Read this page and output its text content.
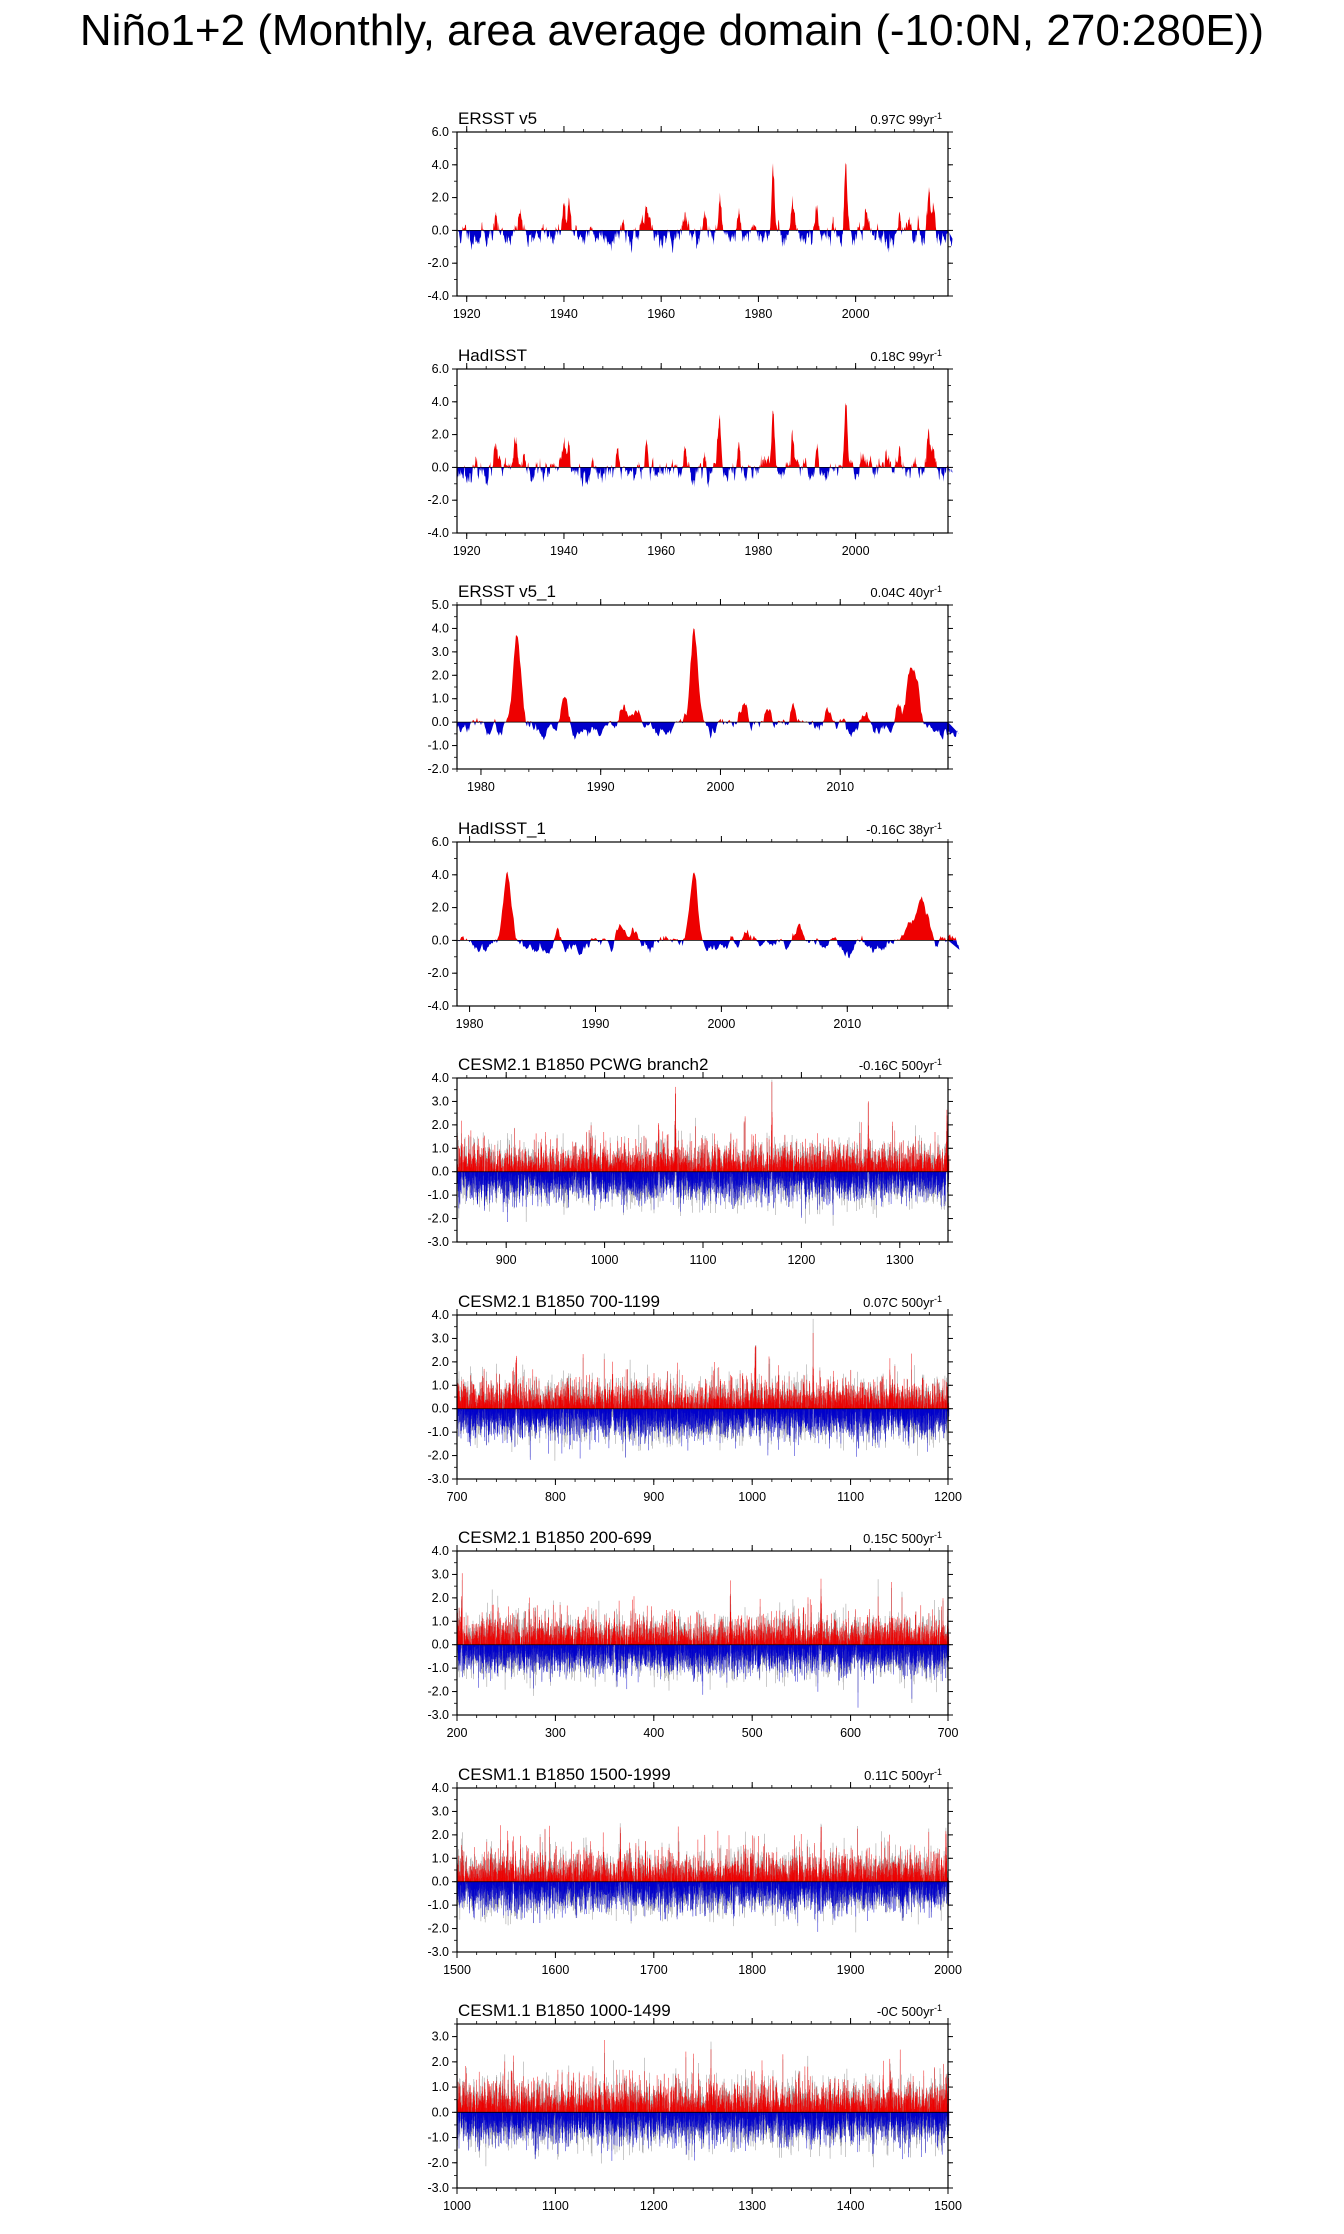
Niño1+2 (Monthly, area average domain (-10:0N, 270:280E))
ERSST v5	0.97C $99yr^{-1}$
6.0
4.0
2.0
0.0
-2.0
-4.0
1920	1940	1960	1980	2000
HadISST	0.18C $99yr^{-1}$
6.0
4.0
2.0
0.0
-2.0
-4.0
1920	1940	1960	1980	2000
ERSST v5_1	0.04C $40yr^{-1}$
5.0
4.0
3.0
2.0
1.0
0.0
-1.0
-2.0
1980	1990	2000	2010
HadISST_1	-0.16C $38yr^{-1}$
6.0
4.0
2.0
0.0
-2.0
-4.0
1980	1990	2000	2010
CESM2.1 B1850 PCWG branch2	-0.16C $500yr^{-1}$
4.0
3.0
2.0
1.0
0.0
-1.0
-2.0
-3.0
900	1000	1100	1200	1300
CESM2.1 B1850 700-1199	0.07C $500yr^{-1}$
4.0
3.0
2.0
1.0
0.0
-1.0
-2.0
-3.0
700	800	900	1000	1100	1200
CESM2.1 B1850 200-699	0.15C $500yr^{-1}$
4.0
3.0
2.0
1.0
0.0
-1.0
-2.0
-3.0
200	300	400	500	600	700
CESM1.1 B1850 1500-1999	0.11C $500yr^{-1}$
4.0
3.0
2.0
1.0
0.0
-1.0
-2.0
-3.0
1500	1600	1700	1800	1900	2000
CESM1.1 B1850 1000-1499	-0C $500yr^{-1}$
3.0
2.0
1.0
0.0
-1.0
-2.0
-3.0
1000	1100	1200	1300	1400	1500
